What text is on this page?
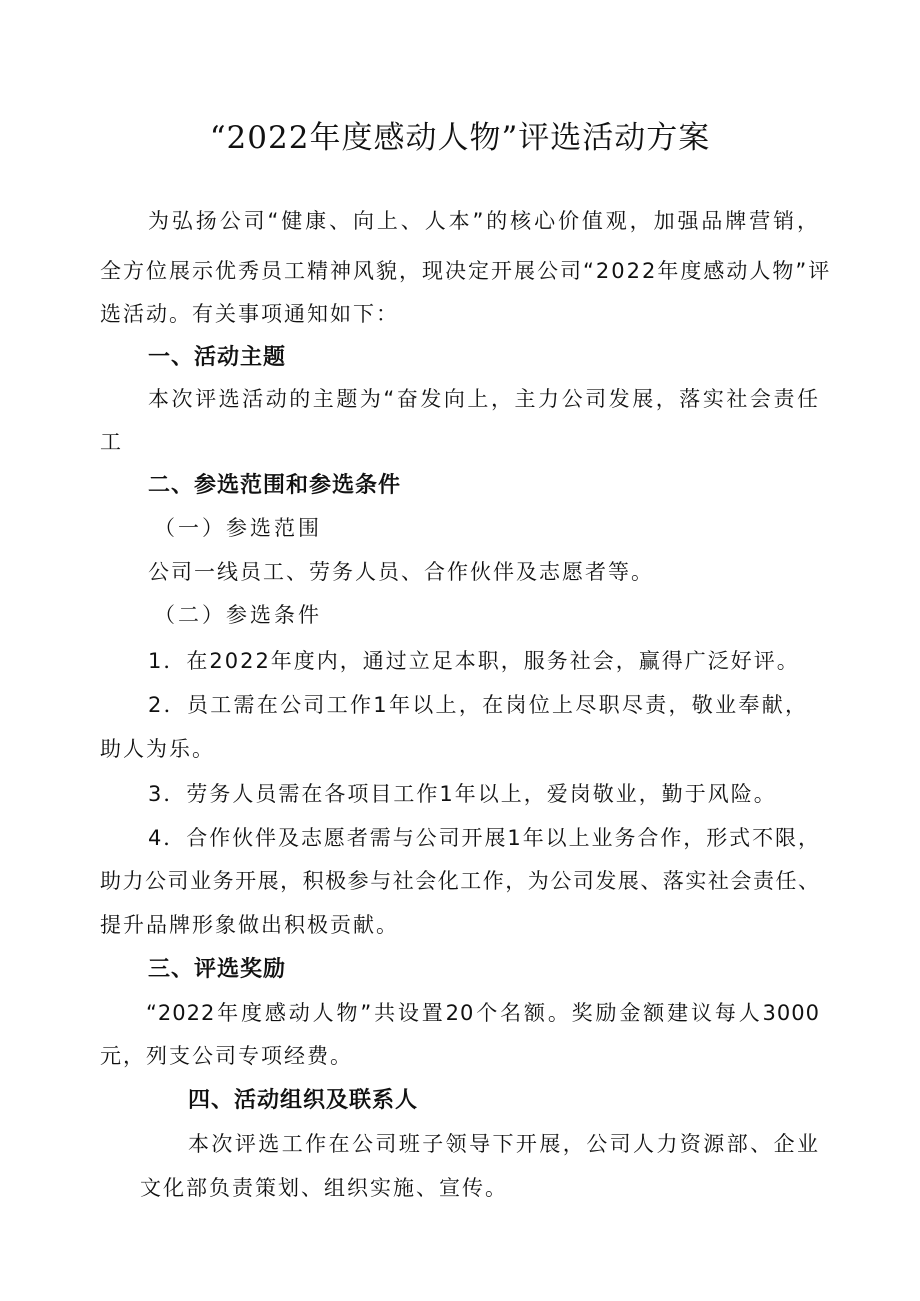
“2022年度感动人物”评选活动方案

为弘扬公司“健康、向上、人本”的核心价值观，加强品牌营销，

全方位展示优秀员工精神风貌，现决定开展公司“2022年度感动人物”评

选活动。有关事项通知如下：

一、活动主题

本次评选活动的主题为“奋发向上，主力公司发展，落实社会责任

工

二、参选范围和参选条件

（一）参选范围

公司一线员工、劳务人员、合作伙伴及志愿者等。

（二）参选条件

1．在2022年度内，通过立足本职，服务社会，赢得广泛好评。

2．员工需在公司工作1年以上，在岗位上尽职尽责，敬业奉献，

助人为乐。

3．劳务人员需在各项目工作1年以上，爱岗敬业，勤于风险。

4．合作伙伴及志愿者需与公司开展1年以上业务合作，形式不限，

助力公司业务开展，积极参与社会化工作，为公司发展、落实社会责任、

提升品牌形象做出积极贡献。

三、评选奖励

“2022年度感动人物”共设置20个名额。奖励金额建议每人3000

元，列支公司专项经费。

四、活动组织及联系人

本次评选工作在公司班子领导下开展，公司人力资源部、企业

文化部负责策划、组织实施、宣传。
